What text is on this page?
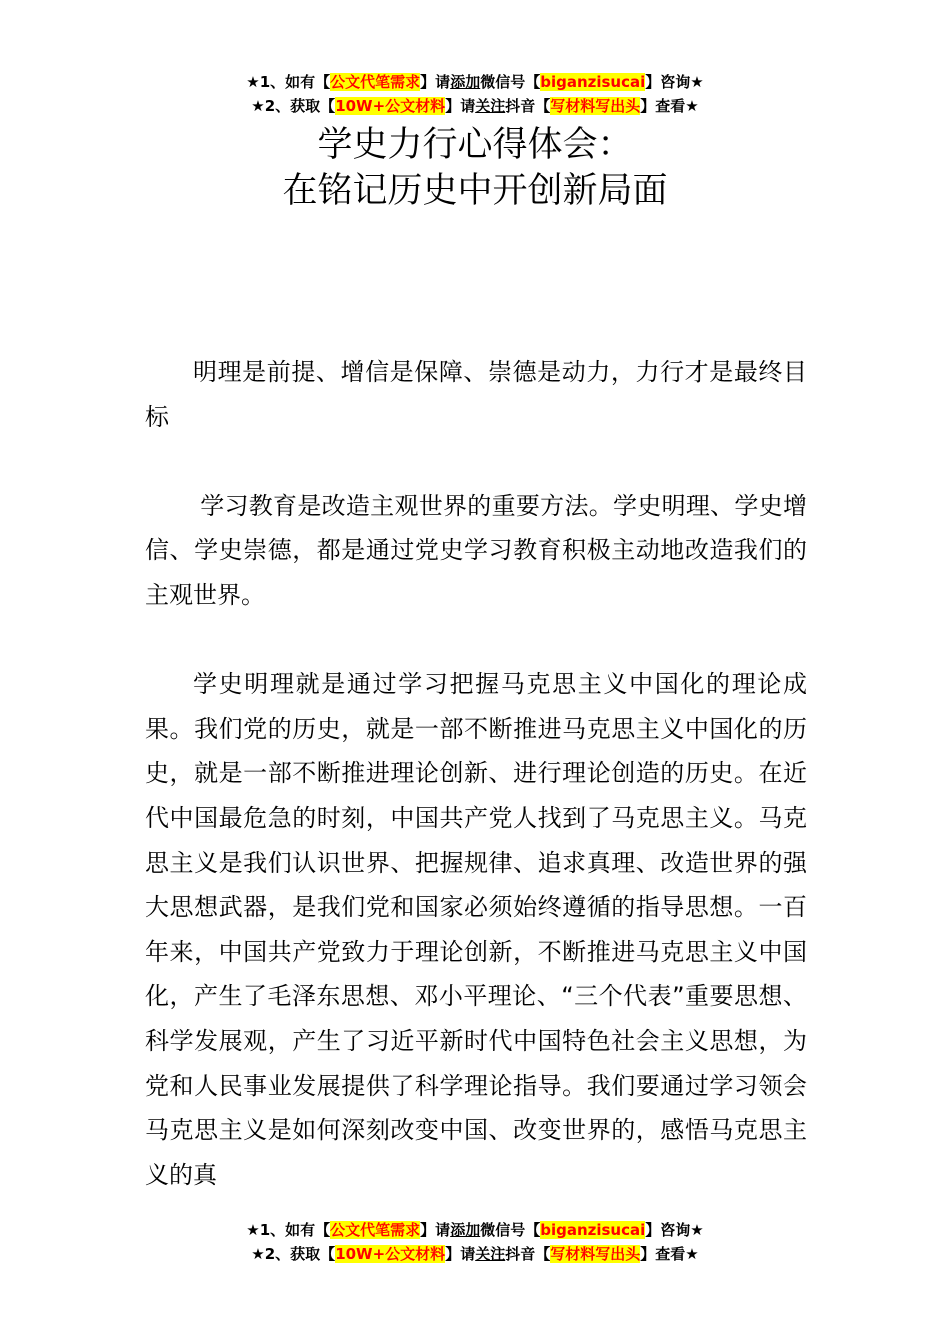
★1、如有【公文代笔需求】请添加微信号【biganzisucai】咨询★
★2、获取【10W+公文材料】请关注抖音【写材料写出头】查看★
学史力行心得体会：
在铭记历史中开创新局面

明理是前提、增信是保障、崇德是动力，力行才是最终目标

学习教育是改造主观世界的重要方法。学史明理、学史增信、学史崇德，都是通过党史学习教育积极主动地改造我们的主观世界。

学史明理就是通过学习把握马克思主义中国化的理论成果。我们党的历史，就是一部不断推进马克思主义中国化的历史，就是一部不断推进理论创新、进行理论创造的历史。在近代中国最危急的时刻，中国共产党人找到了马克思主义。马克思主义是我们认识世界、把握规律、追求真理、改造世界的强大思想武器，是我们党和国家必须始终遵循的指导思想。一百年来，中国共产党致力于理论创新，不断推进马克思主义中国化，产生了毛泽东思想、邓小平理论、“三个代表”重要思想、科学发展观，产生了习近平新时代中国特色社会主义思想，为党和人民事业发展提供了科学理论指导。我们要通过学习领会马克思主义是如何深刻改变中国、改变世界的，感悟马克思主义的真

★1、如有【公文代笔需求】请添加微信号【biganzisucai】咨询★
★2、获取【10W+公文材料】请关注抖音【写材料写出头】查看★
